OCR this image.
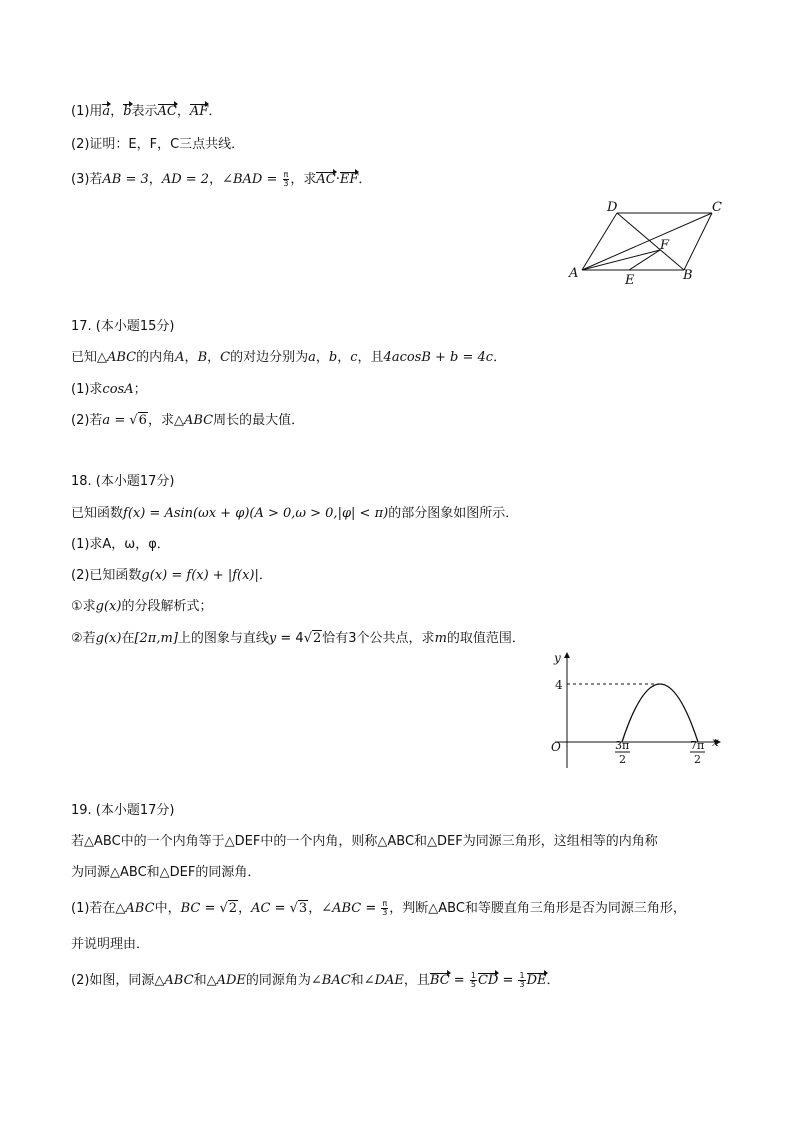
(1)用a，b表示AC，AF．
(2)证明：E，F，C三点共线．
(3)若AB = 3，AD = 2，∠BAD = $\frac{\pi}{3}$ ，求AC·EF．
D	C
F
A	E	B
17. (本小题15分)
已知△ABC的内角A，B，C的对边分别为a，b，c，且4acosB + b = 4c．
(1)求cosA；
(2)若a = √6，求△ABC周长的最大值．
18. (本小题17分)
已知函数f(x) = Asin(ωx + φ)(A > 0,ω > 0,|φ| < π)的部分图象如图所示．
(1)求A，ω，φ．
(2)已知函数g(x) = f(x) + |f(x)|．
①求g(x)的分段解析式；
②若g(x)在[2π,m]上的图象与直线y = 4√2恰有3个公共点，求m的取值范围．
y
x
O
4
3π
2
7π
2
19. (本小题17分)
若△ABC中的一个内角等于△DEF中的一个内角，则称△ABC和△DEF为同源三角形，这组相等的内角称
为同源△ABC和△DEF的同源角．
(1)若在△ABC中，BC = √2，AC = √3，∠ABC = $\frac{\pi}{3}$ ，判断△ABC和等腰直角三角形是否为同源三角形，
并说明理由．
(2)如图，同源△ABC和△ADE的同源角为∠BAC和∠DAE，且BC = $\frac{1}{5}$ CD = $\frac{1}{3}$ DE．
